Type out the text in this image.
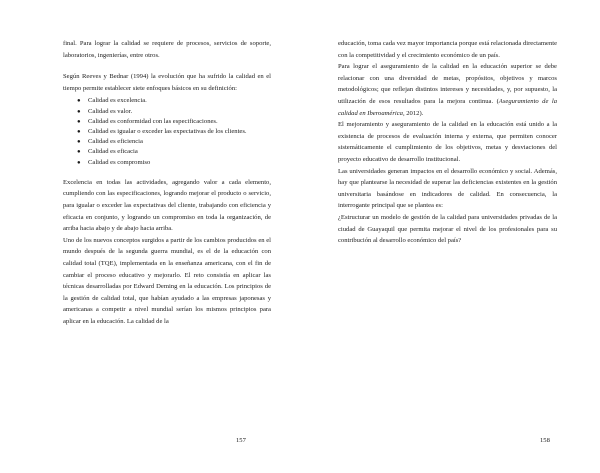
final. Para lograr la calidad se requiere de procesos, servicios de soporte, laboratorios, ingenierías, entre otros.

Según Reeves y Bednar (1994) la evolución que ha sufrido la calidad en el tiempo permite establecer siete enfoques básicos en su definición:

● Calidad es excelencia.
● Calidad es valor.
● Calidad es conformidad con las especificaciones.
● Calidad es igualar o exceder las expectativas de los clientes.
● Calidad es eficiencia
● Calidad es eficacia
● Calidad es compromiso

Excelencia en todas las actividades, agregando valor a cada elemento, cumpliendo con las especificaciones, logrando mejorar el producto o servicio, para igualar o exceder las expectativas del cliente, trabajando con eficiencia y eficacia en conjunto, y logrando un compromiso en toda la organización, de arriba hacia abajo y de abajo hacia arriba.

Uno de los nuevos conceptos surgidos a partir de los cambios producidos en el mundo después de la segunda guerra mundial, es el de la educación con calidad total (TQE), implementada en la enseñanza americana, con el fin de cambiar el proceso educativo y mejorarlo. El reto consistía en aplicar las técnicas desarrolladas por Edward Deming en la educación. Los principios de la gestión de calidad total, que habían ayudado a las empresas japonesas y americanas a competir a nivel mundial serían los mismos principios para aplicar en la educación. La calidad de la

educación, toma cada vez mayor importancia porque está relacionada directamente con la competitividad y el crecimiento económico de un país.

Para lograr el aseguramiento de la calidad en la educación superior se debe relacionar con una diversidad de metas, propósitos, objetivos y marcos metodológicos; que reflejan distintos intereses y necesidades, y, por supuesto, la utilización de esos resultados para la mejora continua. (Aseguramiento de la calidad en Iberoamérica, 2012).

El mejoramiento y aseguramiento de la calidad en la educación está unido a la existencia de procesos de evaluación interna y externa, que permiten conocer sistemáticamente el cumplimiento de los objetivos, metas y desviaciones del proyecto educativo de desarrollo institucional.

Las universidades generan impactos en el desarrollo económico y social. Además, hay que plantearse la necesidad de superar las deficiencias existentes en la gestión universitaria basándose en indicadores de calidad. En consecuencia, la interrogante principal que se plantea es:

¿Estructurar un modelo de gestión de la calidad para universidades privadas de la ciudad de Guayaquil que permita mejorar el nivel de los profesionales para su contribución al desarrollo económico del país?

157	158
